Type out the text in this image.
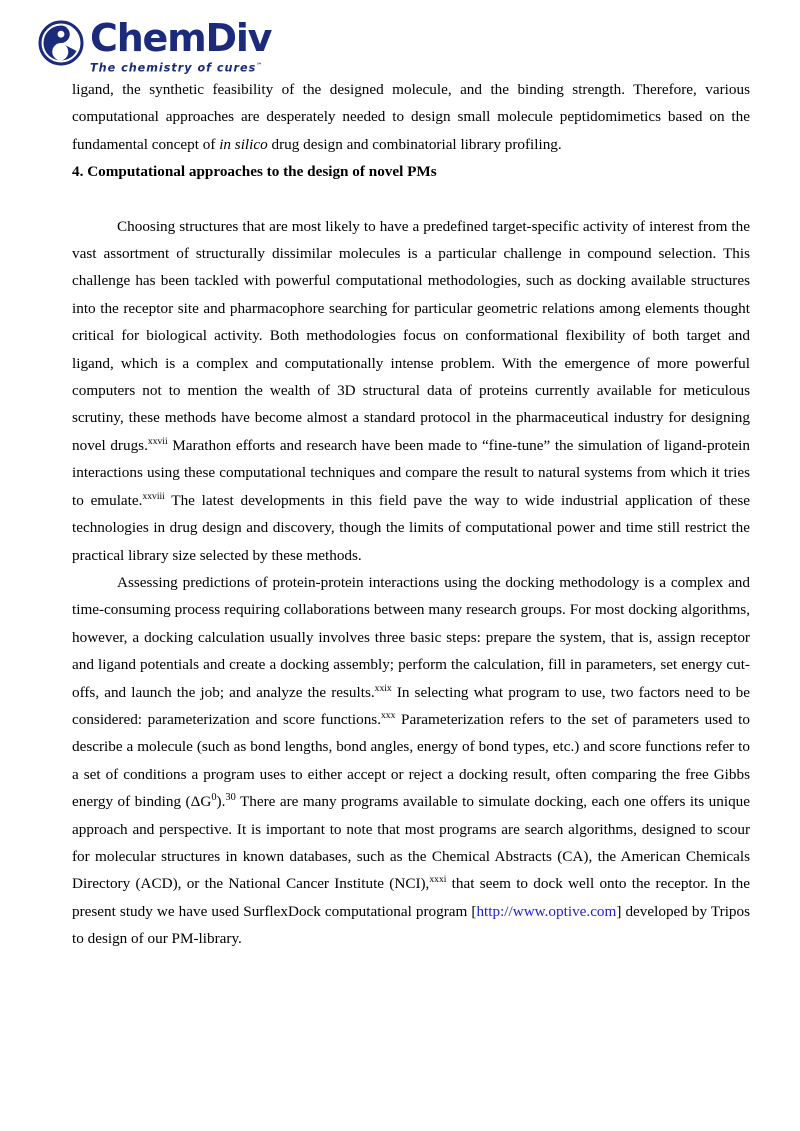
ChemDiv
The chemistry of cures℠

ligand, the synthetic feasibility of the designed molecule, and the binding strength. Therefore, various computational approaches are desperately needed to design small molecule peptidomimetics based on the fundamental concept of in silico drug design and combinatorial library profiling.

4. Computational approaches to the design of novel PMs

Choosing structures that are most likely to have a predefined target-specific activity of interest from the vast assortment of structurally dissimilar molecules is a particular challenge in compound selection. This challenge has been tackled with powerful computational methodologies, such as docking available structures into the receptor site and pharmacophore searching for particular geometric relations among elements thought critical for biological activity. Both methodologies focus on conformational flexibility of both target and ligand, which is a complex and computationally intense problem. With the emergence of more powerful computers not to mention the wealth of 3D structural data of proteins currently available for meticulous scrutiny, these methods have become almost a standard protocol in the pharmaceutical industry for designing novel drugs.$^{xxvii}$ Marathon efforts and research have been made to “fine-tune” the simulation of ligand-protein interactions using these computational techniques and compare the result to natural systems from which it tries to emulate.$^{xxviii}$ The latest developments in this field pave the way to wide industrial application of these technologies in drug design and discovery, though the limits of computational power and time still restrict the practical library size selected by these methods.

Assessing predictions of protein-protein interactions using the docking methodology is a complex and time-consuming process requiring collaborations between many research groups. For most docking algorithms, however, a docking calculation usually involves three basic steps: prepare the system, that is, assign receptor and ligand potentials and create a docking assembly; perform the calculation, fill in parameters, set energy cut-offs, and launch the job; and analyze the results.$^{xxix}$ In selecting what program to use, two factors need to be considered: parameterization and score functions.$^{xxx}$ Parameterization refers to the set of parameters used to describe a molecule (such as bond lengths, bond angles, energy of bond types, etc.) and score functions refer to a set of conditions a program uses to either accept or reject a docking result, often comparing the free Gibbs energy of binding $(\Delta G^0).^{30}$ There are many programs available to simulate docking, each one offers its unique approach and perspective. It is important to note that most programs are search algorithms, designed to scour for molecular structures in known databases, such as the Chemical Abstracts (CA), the American Chemicals Directory (ACD), or the National Cancer Institute (NCI),$^{xxxi}$ that seem to dock well onto the receptor. In the present study we have used SurflexDock computational program [http://www.optive.com] developed by Tripos to design of our PM-library.
